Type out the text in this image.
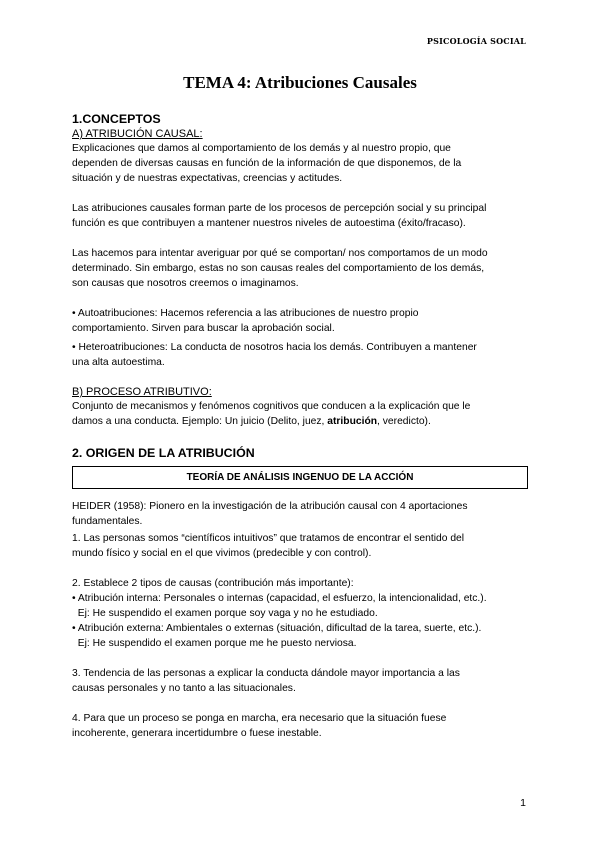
PSICOLOGÍA SOCIAL
TEMA 4: Atribuciones Causales

1.CONCEPTOS

A) ATRIBUCIÓN CAUSAL:

Explicaciones que damos al comportamiento de los demás y al nuestro propio, que

dependen de diversas causas en función de la información de que disponemos, de la

situación y de nuestras expectativas, creencias y actitudes.

Las atribuciones causales forman parte de los procesos de percepción social y su principal

función es que contribuyen a mantener nuestros niveles de autoestima (éxito/fracaso).

Las hacemos para intentar averiguar por qué se comportan/ nos comportamos de un modo

determinado. Sin embargo, estas no son causas reales del comportamiento de los demás,

son causas que nosotros creemos o imaginamos.

• Autoatribuciones: Hacemos referencia a las atribuciones de nuestro propio

comportamiento. Sirven para buscar la aprobación social.

• Heteroatribuciones: La conducta de nosotros hacia los demás. Contribuyen a mantener

una alta autoestima.

B) PROCESO ATRIBUTIVO:

Conjunto de mecanismos y fenómenos cognitivos que conducen a la explicación que le

damos a una conducta. Ejemplo: Un juicio (Delito, juez, atribución, veredicto).

2. ORIGEN DE LA ATRIBUCIÓN

TEORÍA DE ANÁLISIS INGENUO DE LA ACCIÓN

HEIDER (1958): Pionero en la investigación de la atribución causal con 4 aportaciones

fundamentales.

1. Las personas somos “científicos intuitivos” que tratamos de encontrar el sentido del

mundo físico y social en el que vivimos (predecible y con control).

2. Establece 2 tipos de causas (contribución más importante):

• Atribución interna: Personales o internas (capacidad, el esfuerzo, la intencionalidad, etc.).

Ej: He suspendido el examen porque soy vaga y no he estudiado.

• Atribución externa: Ambientales o externas (situación, dificultad de la tarea, suerte, etc.).

Ej: He suspendido el examen porque me he puesto nerviosa.

3. Tendencia de las personas a explicar la conducta dándole mayor importancia a las

causas personales y no tanto a las situacionales.

4. Para que un proceso se ponga en marcha, era necesario que la situación fuese

incoherente, generara incertidumbre o fuese inestable.

1
